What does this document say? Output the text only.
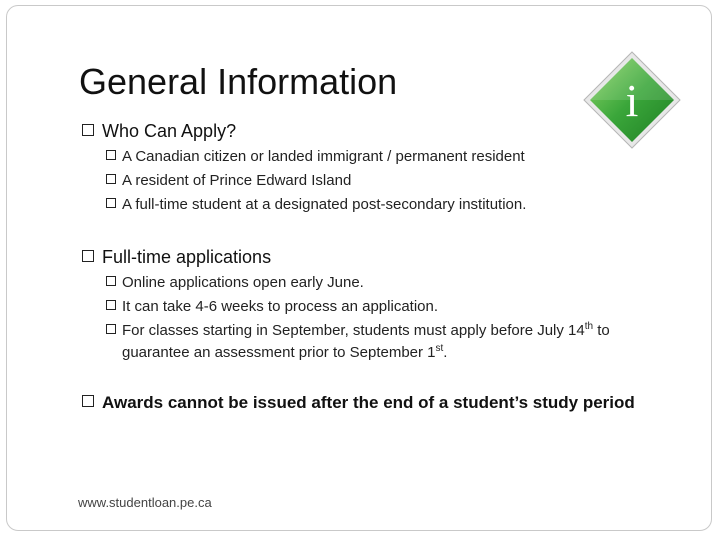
General Information	i
Who Can Apply?
A Canadian citizen or landed immigrant / permanent resident
A resident of Prince Edward Island
A full-time student at a designated post-secondary institution.
Full-time applications
Online applications open early June.
It can take 4-6 weeks to process an application.
For classes starting in September, students must apply before July 14th to
guarantee an assessment prior to September 1st.
Awards cannot be issued after the end of a student’s study period
www.studentloan.pe.ca
